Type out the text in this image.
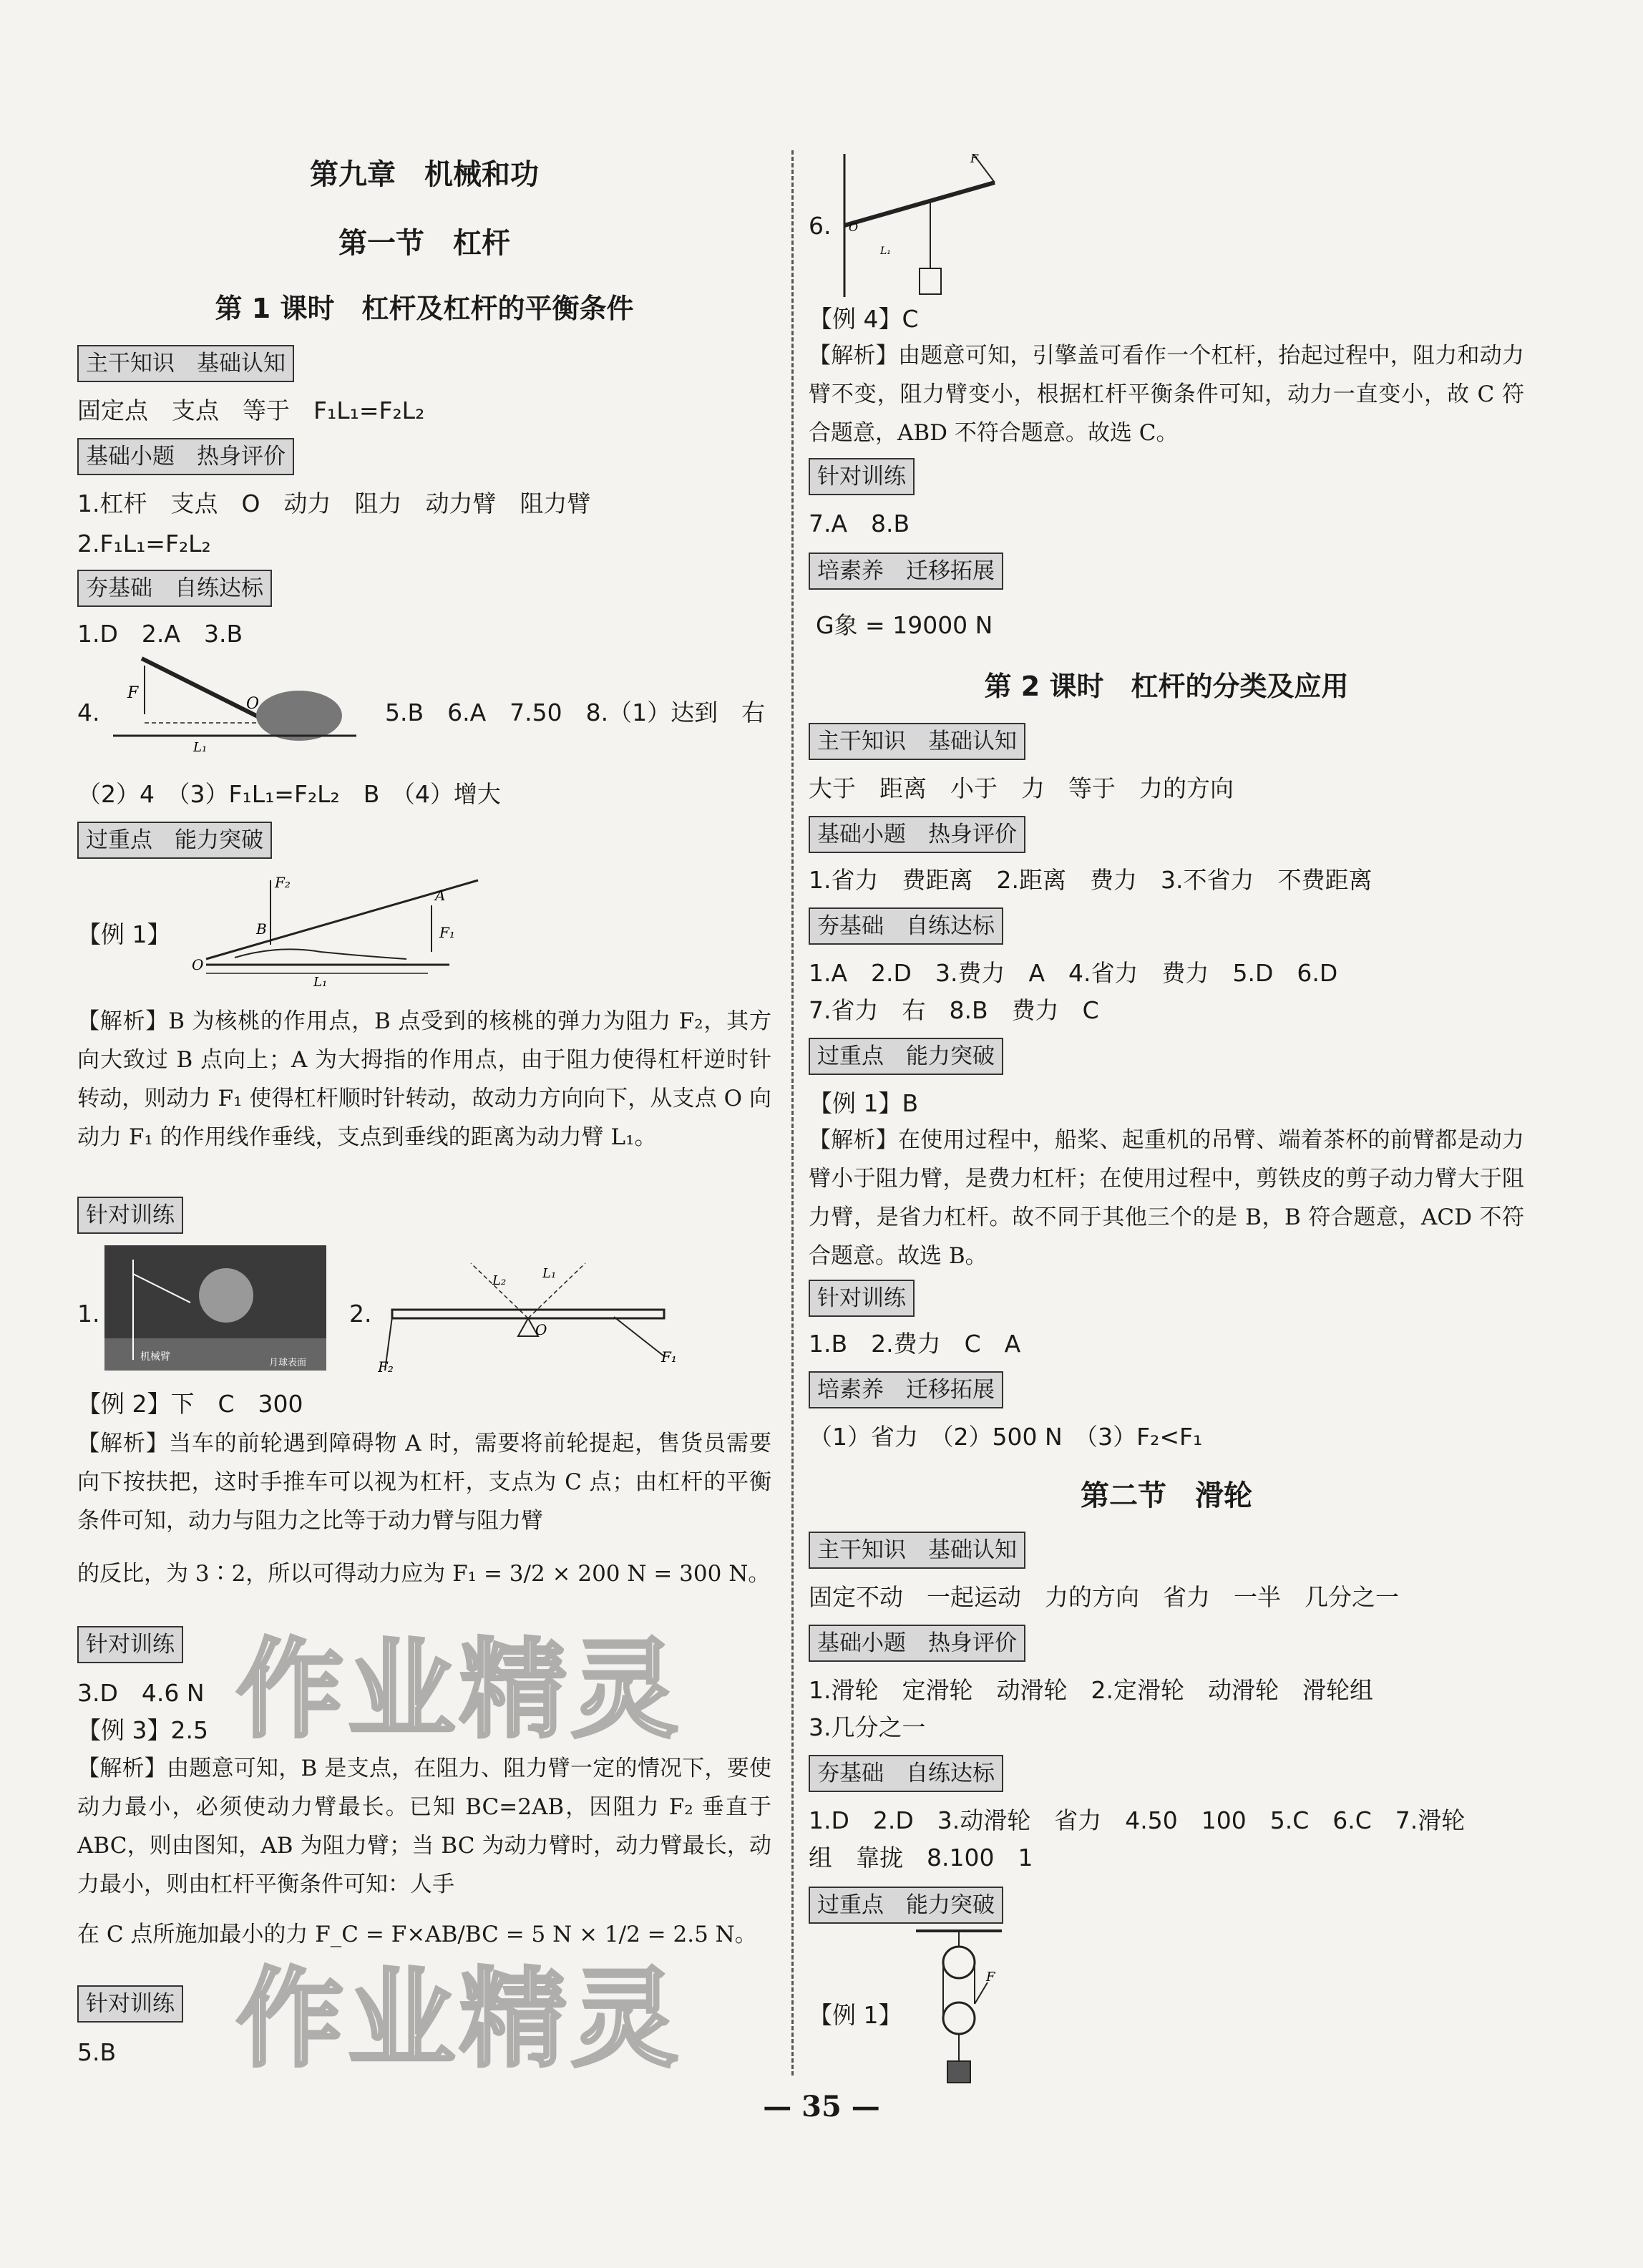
第九章　机械和功
第一节　杠杆
第 1 课时　杠杆及杠杆的平衡条件
主干知识　基础认知
固定点　支点　等于　F₁L₁=F₂L₂
基础小题　热身评价
1.杠杆　支点　O　动力　阻力　动力臂　阻力臂
2.F₁L₁=F₂L₂
夯基础　自练达标
1.D　2.A　3.B
4.
F
O
L₁
5.B　6.A　7.50　8.（1）达到　右
（2）4　（3）F₁L₁=F₂L₂　B　（4）增大
过重点　能力突破
【例 1】
O
B
F₂
A
F₁
L₁
【解析】B 为核桃的作用点，B 点受到的核桃的弹力为阻力 F₂，其方向大致过 B 点向上；A 为大拇指的作用点，由于阻力使得杠杆逆时针转动，则动力 F₁ 使得杠杆顺时针转动，故动力方向向下，从支点 O 向动力 F₁ 的作用线作垂线，支点到垂线的距离为动力臂 L₁。
针对训练
1.
机械臂
月球表面
2.
F₂
F₁
O
L₂	L₁
【例 2】下　C　300
【解析】当车的前轮遇到障碍物 A 时，需要将前轮提起，售货员需要向下按扶把，这时手推车可以视为杠杆，支点为 C 点；由杠杆的平衡条件可知，动力与阻力之比等于动力臂与阻力臂
的反比，为 3∶2，所以可得动力应为 F₁ = 3/2 × 200 N = 300 N。
针对训练
3.D　4.6 N
【例 3】2.5
【解析】由题意可知，B 是支点，在阻力、阻力臂一定的情况下，要使动力最小，必须使动力臂最长。已知 BC=2AB，因阻力 F₂ 垂直于 ABC，则由图知，AB 为阻力臂；当 BC 为动力臂时，动力臂最长，动力最小，则由杠杆平衡条件可知：人手
在 C 点所施加最小的力 F_C = F×AB/BC = 5 N × 1/2 = 2.5 N。
针对训练
5.B
6.
F
O
L₁
【例 4】C
【解析】由题意可知，引擎盖可看作一个杠杆，抬起过程中，阻力和动力臂不变，阻力臂变小，根据杠杆平衡条件可知，动力一直变小，故 C 符合题意，ABD 不符合题意。故选 C。
针对训练
7.A　8.B
培素养　迁移拓展
G象 = 19000 N
第 2 课时　杠杆的分类及应用
主干知识　基础认知
大于　距离　小于　力　等于　力的方向
基础小题　热身评价
1.省力　费距离　2.距离　费力　3.不省力　不费距离
夯基础　自练达标
1.A　2.D　3.费力　A　4.省力　费力　5.D　6.D
7.省力　右　8.B　费力　C
过重点　能力突破
【例 1】B
【解析】在使用过程中，船桨、起重机的吊臂、端着茶杯的前臂都是动力臂小于阻力臂，是费力杠杆；在使用过程中，剪铁皮的剪子动力臂大于阻力臂，是省力杠杆。故不同于其他三个的是 B，B 符合题意，ACD 不符合题意。故选 B。
针对训练
1.B　2.费力　C　A
培素养　迁移拓展
（1）省力　（2）500 N　（3）F₂<F₁
第二节　滑轮
主干知识　基础认知
固定不动　一起运动　力的方向　省力　一半　几分之一
基础小题　热身评价
1.滑轮　定滑轮　动滑轮　2.定滑轮　动滑轮　滑轮组
3.几分之一
夯基础　自练达标
1.D　2.D　3.动滑轮　省力　4.50　100　5.C　6.C　7.滑轮
组　靠拢　8.100　1
过重点　能力突破
【例 1】
F
作业精灵
作业精灵
— 35 —
